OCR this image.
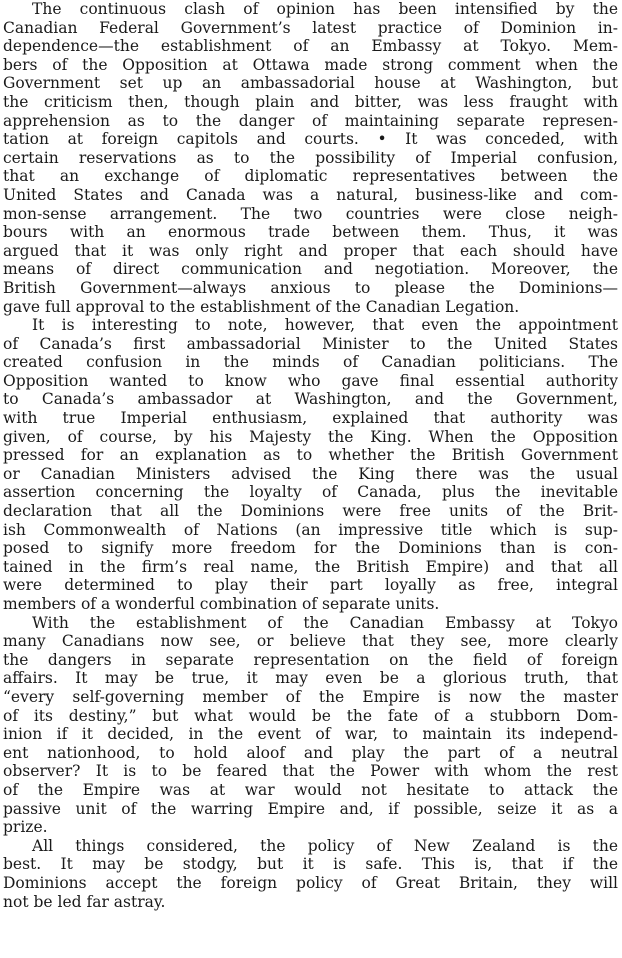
The continuous clash of opinion has been intensified by the
Canadian Federal Government’s latest practice of Dominion in-
dependence—the establishment of an Embassy at Tokyo. Mem-
bers of the Opposition at Ottawa made strong comment when the
Government set up an ambassadorial house at Washington, but
the criticism then, though plain and bitter, was less fraught with
apprehension as to the danger of maintaining separate represen-
tation at foreign capitols and courts. • It was conceded, with
certain reservations as to the possibility of Imperial confusion,
that an exchange of diplomatic representatives between the
United States and Canada was a natural, business-like and com-
mon-sense arrangement. The two countries were close neigh-
bours with an enormous trade between them. Thus, it was
argued that it was only right and proper that each should have
means of direct communication and negotiation. Moreover, the
British Government—always anxious to please the Dominions—
gave full approval to the establishment of the Canadian Legation.
It is interesting to note, however, that even the appointment
of Canada’s first ambassadorial Minister to the United States
created confusion in the minds of Canadian politicians. The
Opposition wanted to know who gave final essential authority
to Canada’s ambassador at Washington, and the Government,
with true Imperial enthusiasm, explained that authority was
given, of course, by his Majesty the King. When the Opposition
pressed for an explanation as to whether the British Government
or Canadian Ministers advised the King there was the usual
assertion concerning the loyalty of Canada, plus the inevitable
declaration that all the Dominions were free units of the Brit-
ish Commonwealth of Nations (an impressive title which is sup-
posed to signify more freedom for the Dominions than is con-
tained in the firm’s real name, the British Empire) and that all
were determined to play their part loyally as free, integral
members of a wonderful combination of separate units.
With the establishment of the Canadian Embassy at Tokyo
many Canadians now see, or believe that they see, more clearly
the dangers in separate representation on the field of foreign
affairs. It may be true, it may even be a glorious truth, that
“every self-governing member of the Empire is now the master
of its destiny,” but what would be the fate of a stubborn Dom-
inion if it decided, in the event of war, to maintain its independ-
ent nationhood, to hold aloof and play the part of a neutral
observer? It is to be feared that the Power with whom the rest
of the Empire was at war would not hesitate to attack the
passive unit of the warring Empire and, if possible, seize it as a
prize.
All things considered, the policy of New Zealand is the
best. It may be stodgy, but it is safe. This is, that if the
Dominions accept the foreign policy of Great Britain, they will
not be led far astray.
